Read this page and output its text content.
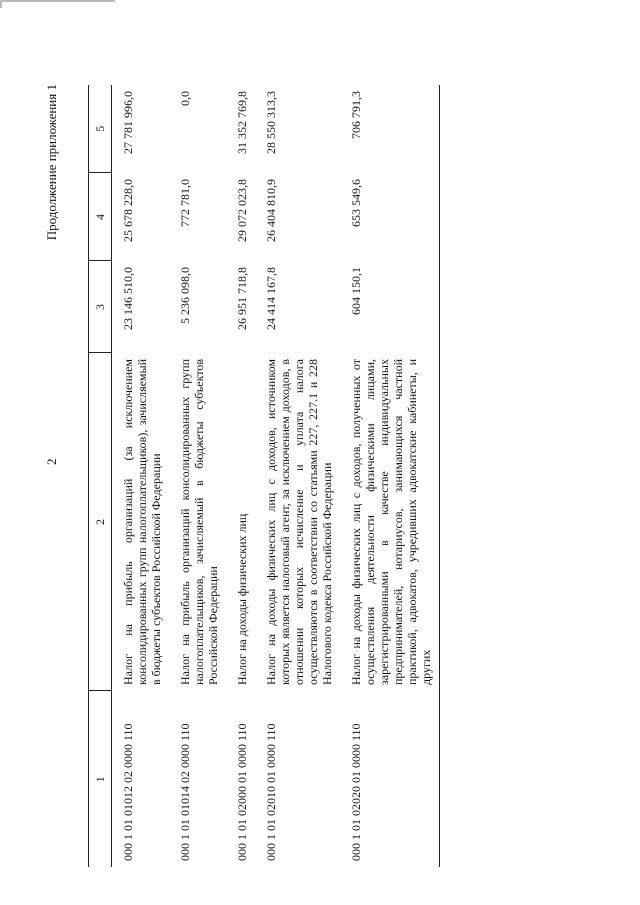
2
Продолжение приложения 1
1	2	3	4	5
000 1 01 01012 02 0000 110	Налог на прибыль организаций (за исключением консолидированных групп налогоплательщиков), зачисляемый в бюджеты субъектов Российской Федерации	23 146 510,0	25 678 228,0	27 781 996,0
000 1 01 01014 02 0000 110	Налог на прибыль организаций консолидированных групп налогоплательщиков, зачисляемый в бюджеты субъектов Российской Федерации	5 236 098,0	772 781,0	0,0
000 1 01 02000 01 0000 110	Налог на доходы физических лиц	26 951 718,8	29 072 023,8	31 352 769,8
000 1 01 02010 01 0000 110	Налог на доходы физических лиц с доходов, источником которых является налоговый агент, за исключением доходов, в отношении которых исчисление и уплата налога осуществляются в соответствии со статьями 227, 227.1 и 228 Налогового кодекса Российской Федерации	24 414 167,8	26 404 810,9	28 550 313,3
000 1 01 02020 01 0000 110	Налог на доходы физических лиц с доходов, полученных от осуществления деятельности физическими лицами, зарегистрированными в качестве индивидуальных предпринимателей, нотариусов, занимающихся частной практикой, адвокатов, учредивших адвокатские кабинеты, и других	604 150,1	653 549,6	706 791,3
